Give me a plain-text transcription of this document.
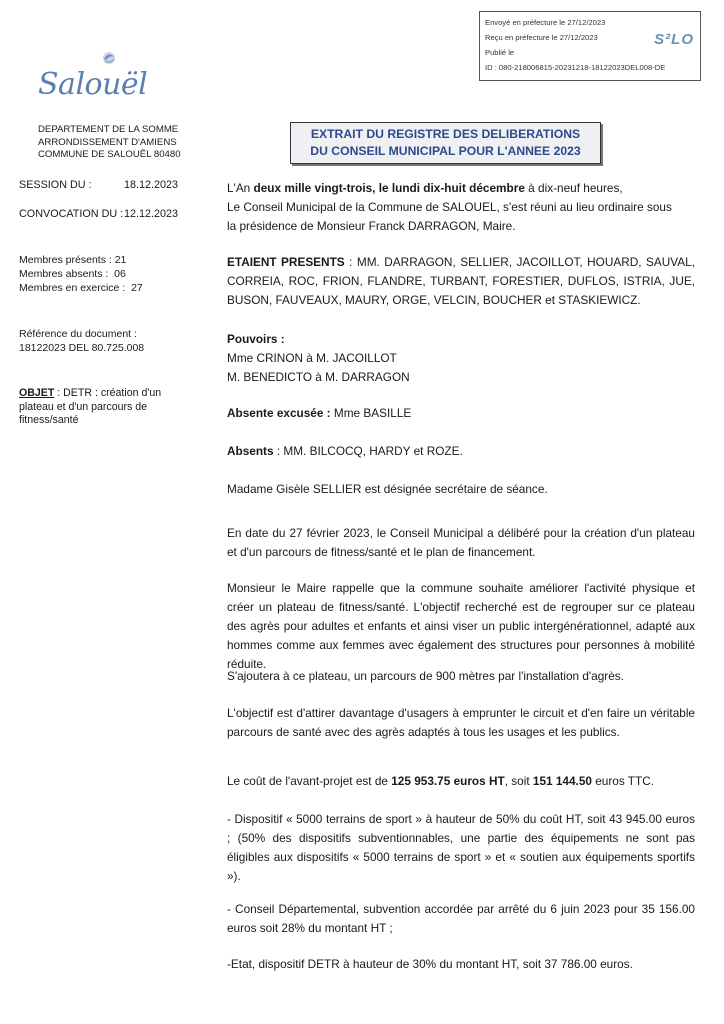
Envoyé en préfecture le 27/12/2023
Reçu en préfecture le 27/12/2023
Publié le
ID : 080-218006815-20231218-18122023DEL008-DE
S²LO
Salouël
DEPARTEMENT DE LA SOMME
ARRONDISSEMENT D'AMIENS
COMMUNE DE SALOUËL 80480
SESSION DU :	18.12.2023
CONVOCATION DU : 12.12.2023
Membres présents : 21
Membres absents : 06
Membres en exercice : 27
Référence du document :
18122023 DEL 80.725.008
OBJET : DETR : création d'un plateau et d'un parcours de fitness/santé
EXTRAIT DU REGISTRE DES DELIBERATIONS
DU CONSEIL MUNICIPAL POUR L'ANNEE 2023
L'An deux mille vingt-trois, le lundi dix-huit décembre à dix-neuf heures,
Le Conseil Municipal de la Commune de SALOUEL, s'est réuni au lieu ordinaire sous
la présidence de Monsieur Franck DARRAGON, Maire.
ETAIENT PRESENTS : MM. DARRAGON, SELLIER, JACOILLOT, HOUARD, SAUVAL, CORREIA, ROC, FRION, FLANDRE, TURBANT, FORESTIER, DUFLOS, ISTRIA, JUE, BUSON, FAUVEAUX, MAURY, ORGE, VELCIN, BOUCHER et STASKIEWICZ.
Pouvoirs :
Mme CRINON à M. JACOILLOT
M. BENEDICTO à M. DARRAGON
Absente excusée : Mme BASILLE
Absents : MM. BILCOCQ, HARDY et ROZE.
Madame Gisèle SELLIER est désignée secrétaire de séance.
En date du 27 février 2023, le Conseil Municipal a délibéré pour la création d'un plateau et d'un parcours de fitness/santé et le plan de financement.
Monsieur le Maire rappelle que la commune souhaite améliorer l'activité physique et créer un plateau de fitness/santé. L'objectif recherché est de regrouper sur ce plateau des agrès pour adultes et enfants et ainsi viser un public intergénérationnel, adapté aux hommes comme aux femmes avec également des structures pour personnes à mobilité réduite.
S'ajoutera à ce plateau, un parcours de 900 mètres par l'installation d'agrès.
L'objectif est d'attirer davantage d'usagers à emprunter le circuit et d'en faire un véritable parcours de santé avec des agrès adaptés à tous les usages et les publics.
Le coût de l'avant-projet est de 125 953.75 euros HT, soit 151 144.50 euros TTC.
- Dispositif « 5000 terrains de sport » à hauteur de 50% du coût HT, soit 43 945.00 euros ; (50% des dispositifs subventionnables, une partie des équipements ne sont pas éligibles aux dispositifs « 5000 terrains de sport » et « soutien aux équipements sportifs »).
- Conseil Départemental, subvention accordée par arrêté du 6 juin 2023 pour 35 156.00 euros soit 28% du montant HT ;
-Etat, dispositif DETR à hauteur de 30% du montant HT, soit 37 786.00 euros.
